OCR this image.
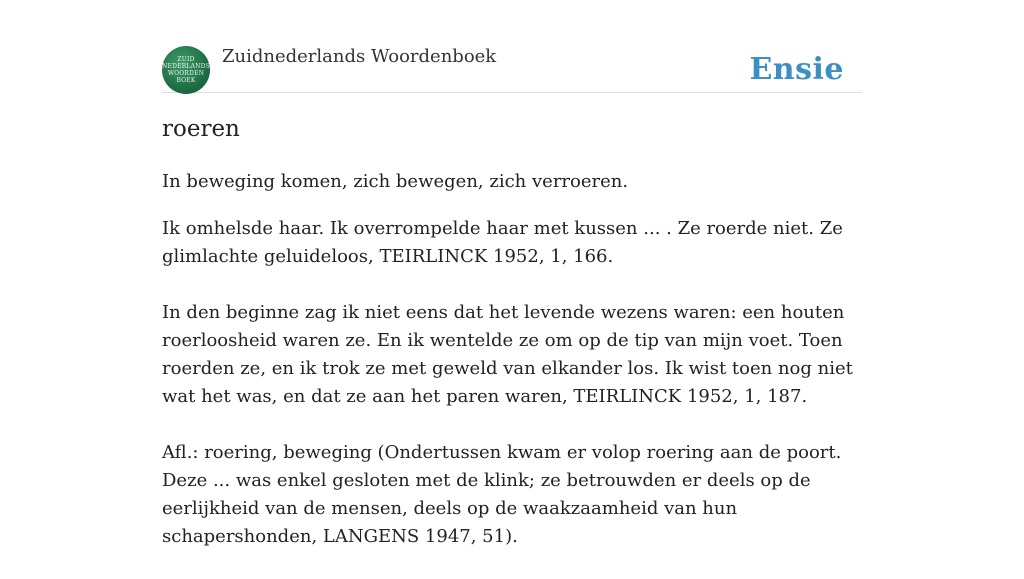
ZUID
NEDERLANDS
WOORDEN
BOEK
Zuidnederlands Woordenboek	Ensie
roeren

In beweging komen, zich bewegen, zich verroeren.

Ik omhelsde haar. Ik overrompelde haar met kussen ... . Ze roerde niet. Ze glimlachte geluideloos, TEIRLINCK 1952, 1, 166.

In den beginne zag ik niet eens dat het levende wezens waren: een houten roerloosheid waren ze. En ik wentelde ze om op de tip van mijn voet. Toen roerden ze, en ik trok ze met geweld van elkander los. Ik wist toen nog niet wat het was, en dat ze aan het paren waren, TEIRLINCK 1952, 1, 187.

Afl.: roering, beweging (Ondertussen kwam er volop roering aan de poort. Deze ... was enkel gesloten met de klink; ze betrouwden er deels op de eerlijkheid van de mensen, deels op de waakzaamheid van hun schapershonden, LANGENS 1947, 51).
